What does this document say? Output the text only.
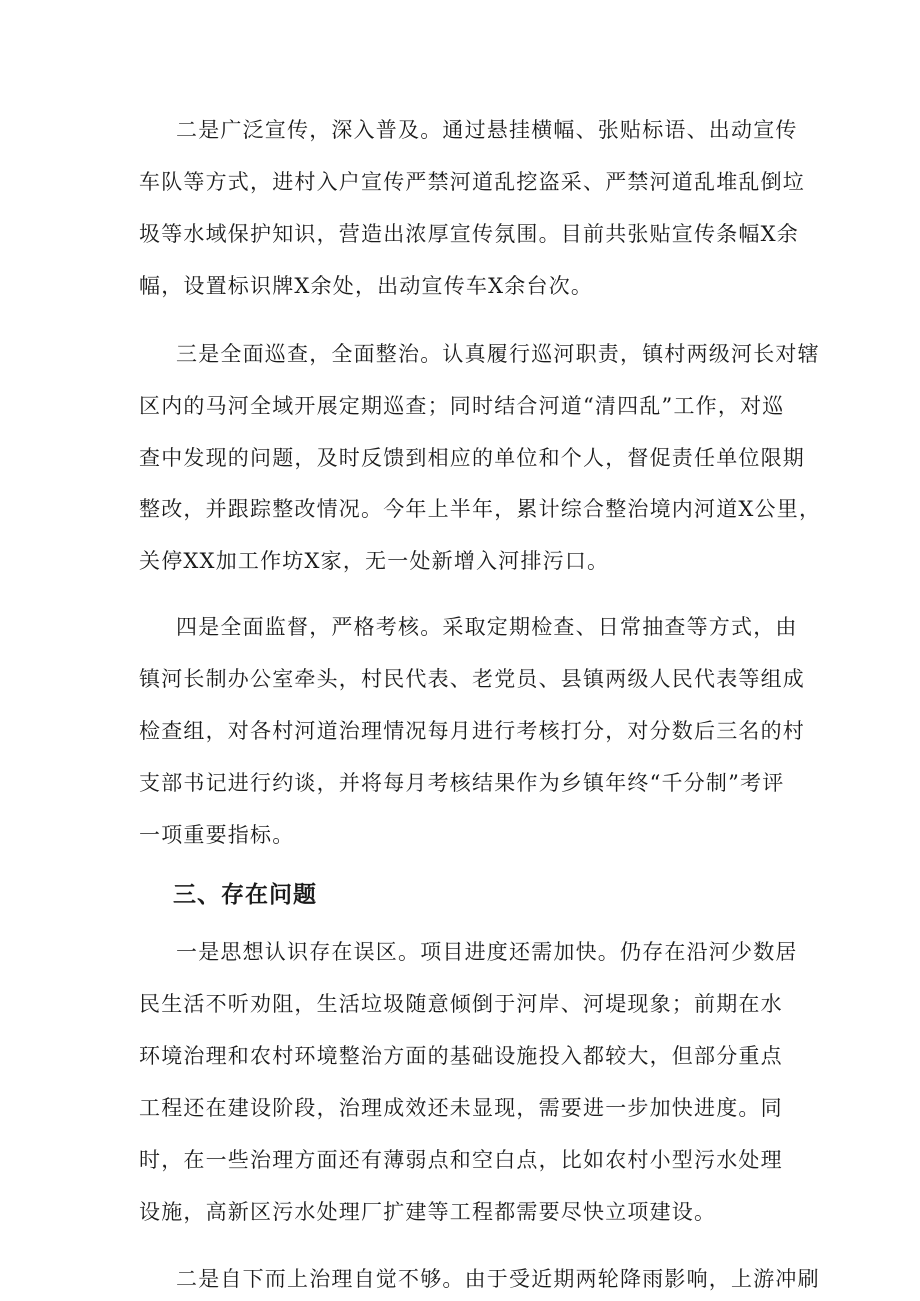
二是广泛宣传，深入普及。通过悬挂横幅、张贴标语、出动宣传
车队等方式，进村入户宣传严禁河道乱挖盗采、严禁河道乱堆乱倒垃
圾等水域保护知识，营造出浓厚宣传氛围。目前共张贴宣传条幅X余
幅，设置标识牌X余处，出动宣传车X余台次。
三是全面巡查，全面整治。认真履行巡河职责，镇村两级河长对辖
区内的马河全域开展定期巡查；同时结合河道“清四乱”工作，对巡
查中发现的问题，及时反馈到相应的单位和个人，督促责任单位限期
整改，并跟踪整改情况。今年上半年，累计综合整治境内河道X公里，
关停XX加工作坊X家，无一处新增入河排污口。
四是全面监督，严格考核。采取定期检查、日常抽查等方式，由
镇河长制办公室牵头，村民代表、老党员、县镇两级人民代表等组成
检查组，对各村河道治理情况每月进行考核打分，对分数后三名的村
支部书记进行约谈，并将每月考核结果作为乡镇年终“千分制”考评
一项重要指标。
三、存在问题
一是思想认识存在误区。项目进度还需加快。仍存在沿河少数居
民生活不听劝阻，生活垃圾随意倾倒于河岸、河堤现象；前期在水
环境治理和农村环境整治方面的基础设施投入都较大，但部分重点
工程还在建设阶段，治理成效还未显现，需要进一步加快进度。同
时，在一些治理方面还有薄弱点和空白点，比如农村小型污水处理
设施，高新区污水处理厂扩建等工程都需要尽快立项建设。
二是自下而上治理自觉不够。由于受近期两轮降雨影响，上游冲刷
